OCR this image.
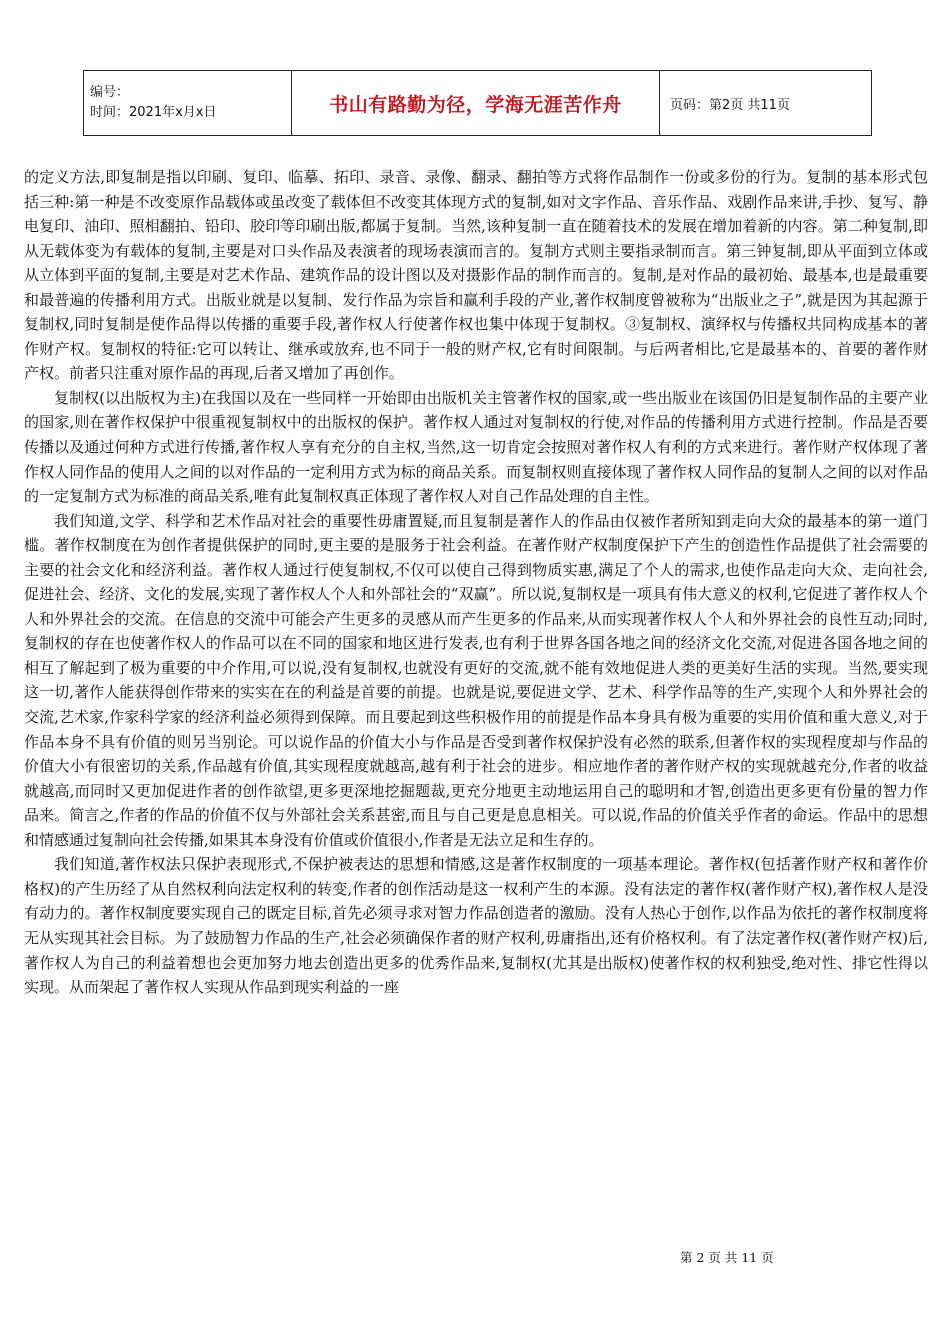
编号：
时间：2021年x月x日	书山有路勤为径，学海无涯苦作舟	页码：第2页 共11页

的定义方法,即复制是指以印刷、复印、临摹、拓印、录音、录像、翻录、翻拍等方式将作品制作一份或多份的行为。复制的基本形式包括三种:第一种是不改变原作品载体或虽改变了载体但不改变其体现方式的复制,如对文字作品、音乐作品、戏剧作品来讲,手抄、复写、静电复印、油印、照相翻拍、铅印、胶印等印刷出版,都属于复制。当然,该种复制一直在随着技术的发展在增加着新的内容。第二种复制,即从无载体变为有载体的复制,主要是对口头作品及表演者的现场表演而言的。复制方式则主要指录制而言。第三钟复制,即从平面到立体或从立体到平面的复制,主要是对艺术作品、建筑作品的设计图以及对摄影作品的制作而言的。复制,是对作品的最初始、最基本,也是最重要和最普遍的传播利用方式。出版业就是以复制、发行作品为宗旨和赢利手段的产业,著作权制度曾被称为“出版业之子”,就是因为其起源于复制权,同时复制是使作品得以传播的重要手段,著作权人行使著作权也集中体现于复制权。③复制权、演绎权与传播权共同构成基本的著作财产权。复制权的特征:它可以转让、继承或放弃,也不同于一般的财产权,它有时间限制。与后两者相比,它是最基本的、首要的著作财产权。前者只注重对原作品的再现,后者又增加了再创作。

复制权(以出版权为主)在我国以及在一些同样一开始即由出版机关主管著作权的国家,或一些出版业在该国仍旧是复制作品的主要产业的国家,则在著作权保护中很重视复制权中的出版权的保护。著作权人通过对复制权的行使,对作品的传播利用方式进行控制。作品是否要传播以及通过何种方式进行传播,著作权人享有充分的自主权,当然,这一切肯定会按照对著作权人有利的方式来进行。著作财产权体现了著作权人同作品的使用人之间的以对作品的一定利用方式为标的商品关系。而复制权则直接体现了著作权人同作品的复制人之间的以对作品的一定复制方式为标准的商品关系,唯有此复制权真正体现了著作权人对自己作品处理的自主性。

我们知道,文学、科学和艺术作品对社会的重要性毋庸置疑,而且复制是著作人的作品由仅被作者所知到走向大众的最基本的第一道门槛。著作权制度在为创作者提供保护的同时,更主要的是服务于社会利益。在著作财产权制度保护下产生的创造性作品提供了社会需要的主要的社会文化和经济利益。著作权人通过行使复制权,不仅可以使自己得到物质实惠,满足了个人的需求,也使作品走向大众、走向社会,促进社会、经济、文化的发展,实现了著作权人个人和外部社会的“双赢”。所以说,复制权是一项具有伟大意义的权利,它促进了著作权人个人和外界社会的交流。在信息的交流中可能会产生更多的灵感从而产生更多的作品来,从而实现著作权人个人和外界社会的良性互动;同时,复制权的存在也使著作权人的作品可以在不同的国家和地区进行发表,也有利于世界各国各地之间的经济文化交流,对促进各国各地之间的相互了解起到了极为重要的中介作用,可以说,没有复制权,也就没有更好的交流,就不能有效地促进人类的更美好生活的实现。当然,要实现这一切,著作人能获得创作带来的实实在在的利益是首要的前提。也就是说,要促进文学、艺术、科学作品等的生产,实现个人和外界社会的交流,艺术家,作家科学家的经济利益必须得到保障。而且要起到这些积极作用的前提是作品本身具有极为重要的实用价值和重大意义,对于作品本身不具有价值的则另当别论。可以说作品的价值大小与作品是否受到著作权保护没有必然的联系,但著作权的实现程度却与作品的价值大小有很密切的关系,作品越有价值,其实现程度就越高,越有利于社会的进步。相应地作者的著作财产权的实现就越充分,作者的收益就越高,而同时又更加促进作者的创作欲望,更多更深地挖掘题裁,更充分地更主动地运用自己的聪明和才智,创造出更多更有份量的智力作品来。简言之,作者的作品的价值不仅与外部社会关系甚密,而且与自己更是息息相关。可以说,作品的价值关乎作者的命运。作品中的思想和情感通过复制向社会传播,如果其本身没有价值或价值很小,作者是无法立足和生存的。

我们知道,著作权法只保护表现形式,不保护被表达的思想和情感,这是著作权制度的一项基本理论。著作权(包括著作财产权和著作价格权)的产生历经了从自然权利向法定权利的转变,作者的创作活动是这一权利产生的本源。没有法定的著作权(著作财产权),著作权人是没有动力的。著作权制度要实现自己的既定目标,首先必须寻求对智力作品创造者的激励。没有人热心于创作,以作品为依托的著作权制度将无从实现其社会目标。为了鼓励智力作品的生产,社会必须确保作者的财产权利,毋庸指出,还有价格权利。有了法定著作权(著作财产权)后,著作权人为自己的利益着想也会更加努力地去创造出更多的优秀作品来,复制权(尤其是出版权)使著作权的权利独受,绝对性、排它性得以实现。从而架起了著作权人实现从作品到现实利益的一座

第 2 页 共 11 页
